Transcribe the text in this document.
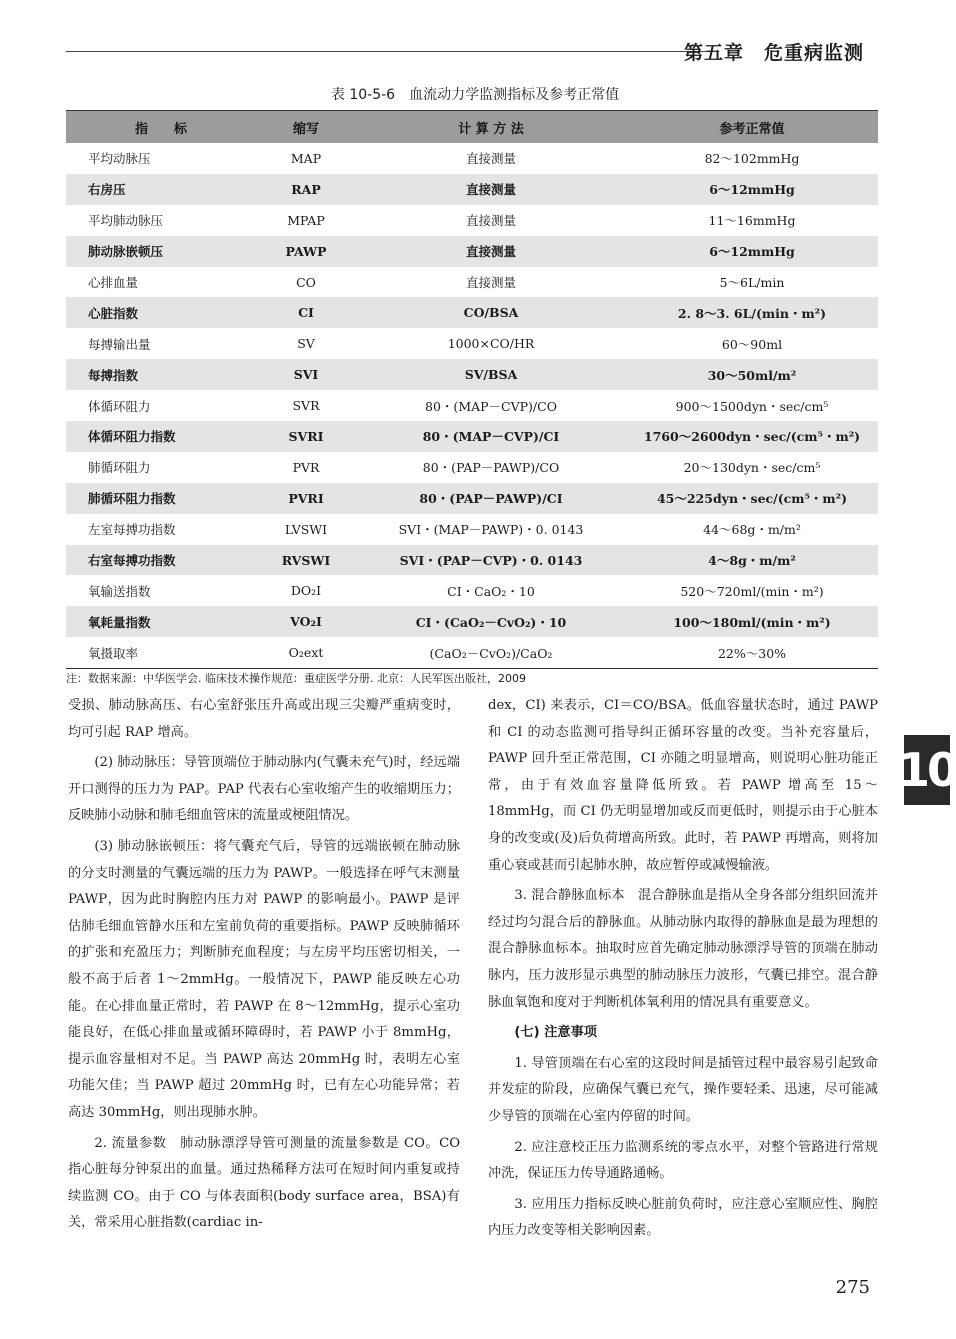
第五章　危重病监测
表 10-5-6　血流动力学监测指标及参考正常值
指　　标	缩写	计 算 方 法	参考正常值
平均动脉压	MAP	直接测量	82～102mmHg
右房压	RAP	直接测量	6～12mmHg
平均肺动脉压	MPAP	直接测量	11～16mmHg
肺动脉嵌顿压	PAWP	直接测量	6～12mmHg
心排血量	CO	直接测量	5～6L/min
心脏指数	CI	CO/BSA	2. 8～3. 6L/(min・m²)
每搏输出量	SV	1000×CO/HR	60～90ml
每搏指数	SVI	SV/BSA	30～50ml/m²
体循环阻力	SVR	80・(MAP－CVP)/CO	900～1500dyn・sec/cm⁵
体循环阻力指数	SVRI	80・(MAP－CVP)/CI	1760～2600dyn・sec/(cm⁵・m²)
肺循环阻力	PVR	80・(PAP－PAWP)/CO	20～130dyn・sec/cm⁵
肺循环阻力指数	PVRI	80・(PAP－PAWP)/CI	45～225dyn・sec/(cm⁵・m²)
左室每搏功指数	LVSWI	SVI・(MAP－PAWP)・0. 0143	44～68g・m/m²
右室每搏功指数	RVSWI	SVI・(PAP－CVP)・0. 0143	4～8g・m/m²
氧输送指数	DO₂I	CI・CaO₂・10	520～720ml/(min・m²)
氧耗量指数	VO₂I	CI・(CaO₂－CvO₂)・10	100～180ml/(min・m²)
氧摄取率	O₂ext	(CaO₂－CvO₂)/CaO₂	22%～30%
注：数据来源：中华医学会. 临床技术操作规范：重症医学分册. 北京：人民军医出版社，2009

受损、肺动脉高压、右心室舒张压升高或出现三尖瓣严重病变时，均可引起 RAP 增高。

(2) 肺动脉压：导管顶端位于肺动脉内(气囊未充气)时，经远端开口测得的压力为 PAP。PAP 代表右心室收缩产生的收缩期压力；反映肺小动脉和肺毛细血管床的流量或梗阻情况。

(3) 肺动脉嵌顿压：将气囊充气后，导管的远端嵌顿在肺动脉的分支时测量的气囊远端的压力为 PAWP。一般选择在呼气末测量 PAWP，因为此时胸腔内压力对 PAWP 的影响最小。PAWP 是评估肺毛细血管静水压和左室前负荷的重要指标。PAWP 反映肺循环的扩张和充盈压力；判断肺充血程度；与左房平均压密切相关，一般不高于后者 1～2mmHg。一般情况下，PAWP 能反映左心功能。在心排血量正常时，若 PAWP 在 8～12mmHg，提示心室功能良好，在低心排血量或循环障碍时，若 PAWP 小于 8mmHg，提示血容量相对不足。当 PAWP 高达 20mmHg 时，表明左心室功能欠佳；当 PAWP 超过 20mmHg 时，已有左心功能异常；若高达 30mmHg，则出现肺水肿。

2. 流量参数　肺动脉漂浮导管可测量的流量参数是 CO。CO 指心脏每分钟泵出的血量。通过热稀释方法可在短时间内重复或持续监测 CO。由于 CO 与体表面积(body surface area，BSA)有关，常采用心脏指数(cardiac in-

dex，CI) 来表示，CI＝CO/BSA。低血容量状态时，通过 PAWP 和 CI 的动态监测可指导纠正循环容量的改变。当补充容量后，PAWP 回升至正常范围，CI 亦随之明显增高，则说明心脏功能正常，由于有效血容量降低所致。若 PAWP 增高至 15～18mmHg，而 CI 仍无明显增加或反而更低时，则提示由于心脏本身的改变或(及)后负荷增高所致。此时，若 PAWP 再增高，则将加重心衰或甚而引起肺水肿，故应暂停或减慢输液。

3. 混合静脉血标本　混合静脉血是指从全身各部分组织回流并经过均匀混合后的静脉血。从肺动脉内取得的静脉血是最为理想的混合静脉血标本。抽取时应首先确定肺动脉漂浮导管的顶端在肺动脉内，压力波形显示典型的肺动脉压力波形，气囊已排空。混合静脉血氧饱和度对于判断机体氧利用的情况具有重要意义。

(七) 注意事项

1. 导管顶端在右心室的这段时间是插管过程中最容易引起致命并发症的阶段，应确保气囊已充气，操作要轻柔、迅速，尽可能减少导管的顶端在心室内停留的时间。

2. 应注意校正压力监测系统的零点水平，对整个管路进行常规冲洗，保证压力传导通路通畅。

3. 应用压力指标反映心脏前负荷时，应注意心室顺应性、胸腔内压力改变等相关影响因素。

10
275
